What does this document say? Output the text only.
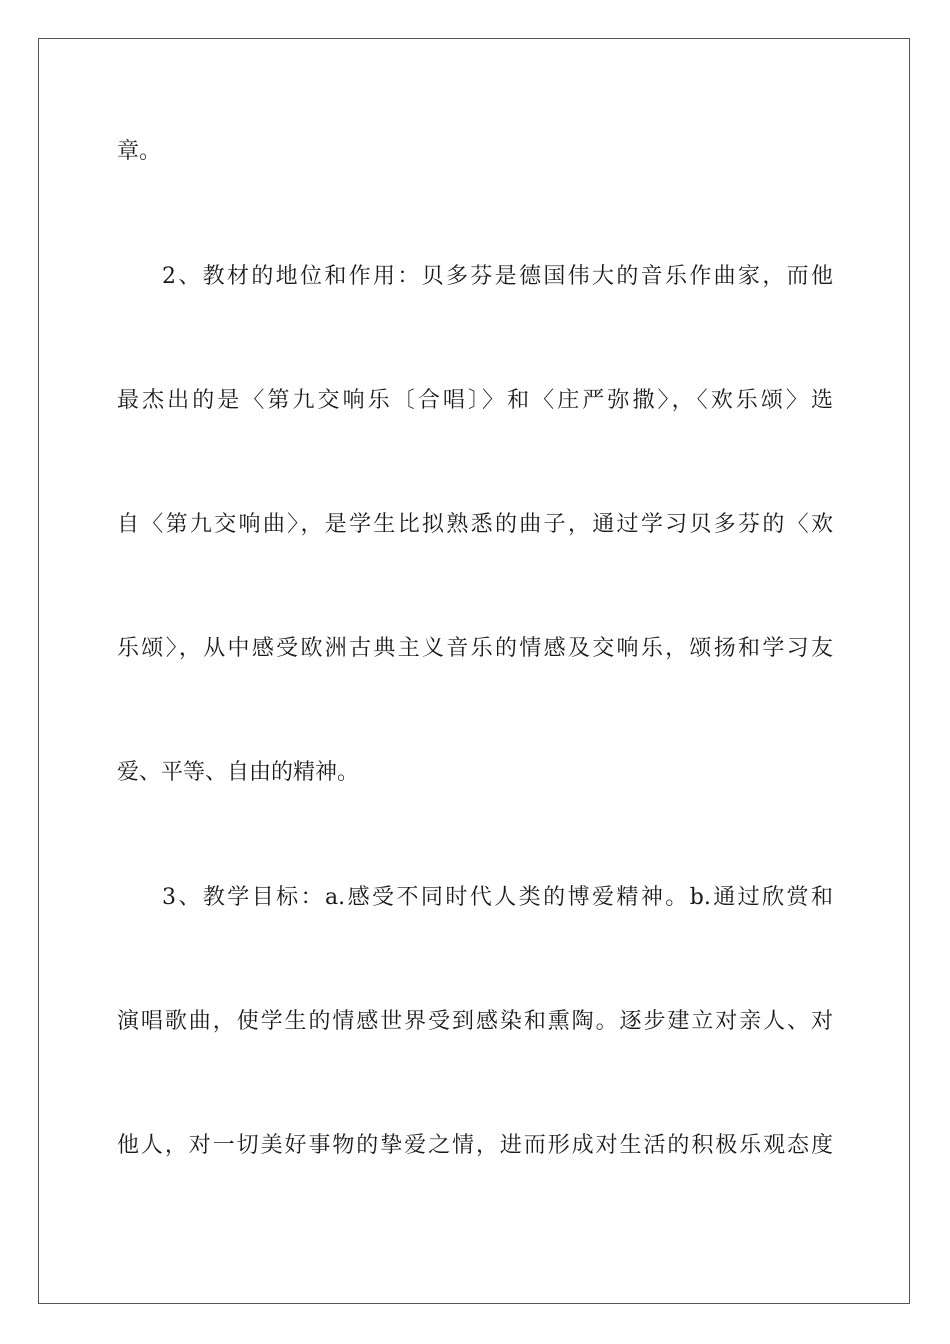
章。
2、教材的地位和作用：贝多芬是德国伟大的音乐作曲家，而他
最杰出的是〈第九交响乐〔合唱〕〉和〈庄严弥撒〉，〈欢乐颂〉选
自〈第九交响曲〉，是学生比拟熟悉的曲子，通过学习贝多芬的〈欢
乐颂〉，从中感受欧洲古典主义音乐的情感及交响乐，颂扬和学习友
爱、平等、自由的精神。
3、教学目标：a.感受不同时代人类的博爱精神。b.通过欣赏和
演唱歌曲，使学生的情感世界受到感染和熏陶。逐步建立对亲人、对
他人，对一切美好事物的挚爱之情，进而形成对生活的积极乐观态度
